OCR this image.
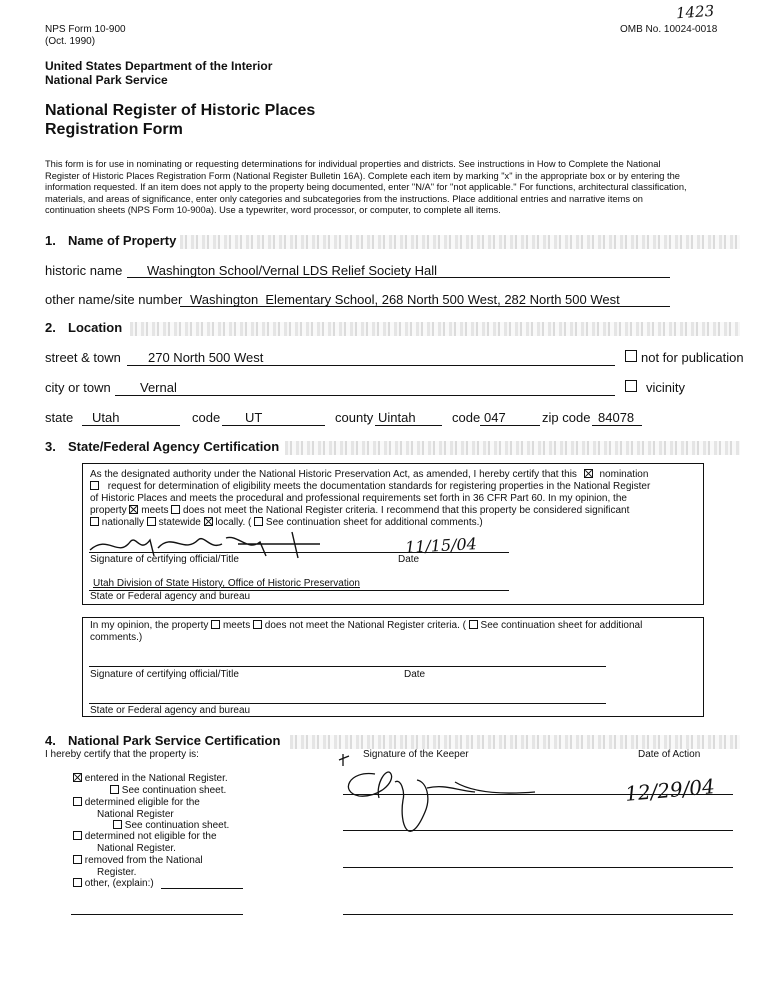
NPS Form 10-900
(Oct. 1990)
1423
OMB No. 10024-0018
United States Department of the Interior
National Park Service
National Register of Historic Places
Registration Form
This form is for use in nominating or requesting determinations for individual properties and districts. See instructions in How to Complete the National
Register of Historic Places Registration Form (National Register Bulletin 16A). Complete each item by marking "x" in the appropriate box or by entering the
information requested. If an item does not apply to the property being documented, enter "N/A" for "not applicable." For functions, architectural classification,
materials, and areas of significance, enter only categories and subcategories from the instructions. Place additional entries and narrative items on
continuation sheets (NPS Form 10-900a). Use a typewriter, word processor, or computer, to complete all items.
1. Name of Property
historic name Washington School/Vernal LDS Relief Society Hall
other name/site number Washington  Elementary School, 268 North 500 West, 282 North 500 West
2. Location
street & town 270 North 500 West	not for publication
city or town Vernal	vicinity
state Utah	code UT	county Uintah	code 047	zip code 84078
3. State/Federal Agency Certification
As the designated authority under the National Historic Preservation Act, as amended, I hereby certify that this nomination
request for determination of eligibility meets the documentation standards for registering properties in the National Register
of Historic Places and meets the procedural and professional requirements set forth in 36 CFR Part 60. In my opinion, the
property meets does not meet the National Register criteria. I recommend that this property be considered significant
nationally statewide locally. ( See continuation sheet for additional comments.)
11/15/04
Signature of certifying official/Title	Date
Utah Division of State History, Office of Historic Preservation
State or Federal agency and bureau
In my opinion, the property meets does not meet the National Register criteria. ( See continuation sheet for additional
comments.)
Signature of certifying official/Title	Date
State or Federal agency and bureau
4. National Park Service Certification
I hereby certify that the property is:
entered in the National Register.
See continuation sheet.
determined eligible for the
National Register
See continuation sheet.
determined not eligible for the
National Register.
removed from the National
Register.
other, (explain:)
Signature of the Keeper	Date of Action
12/29/04
